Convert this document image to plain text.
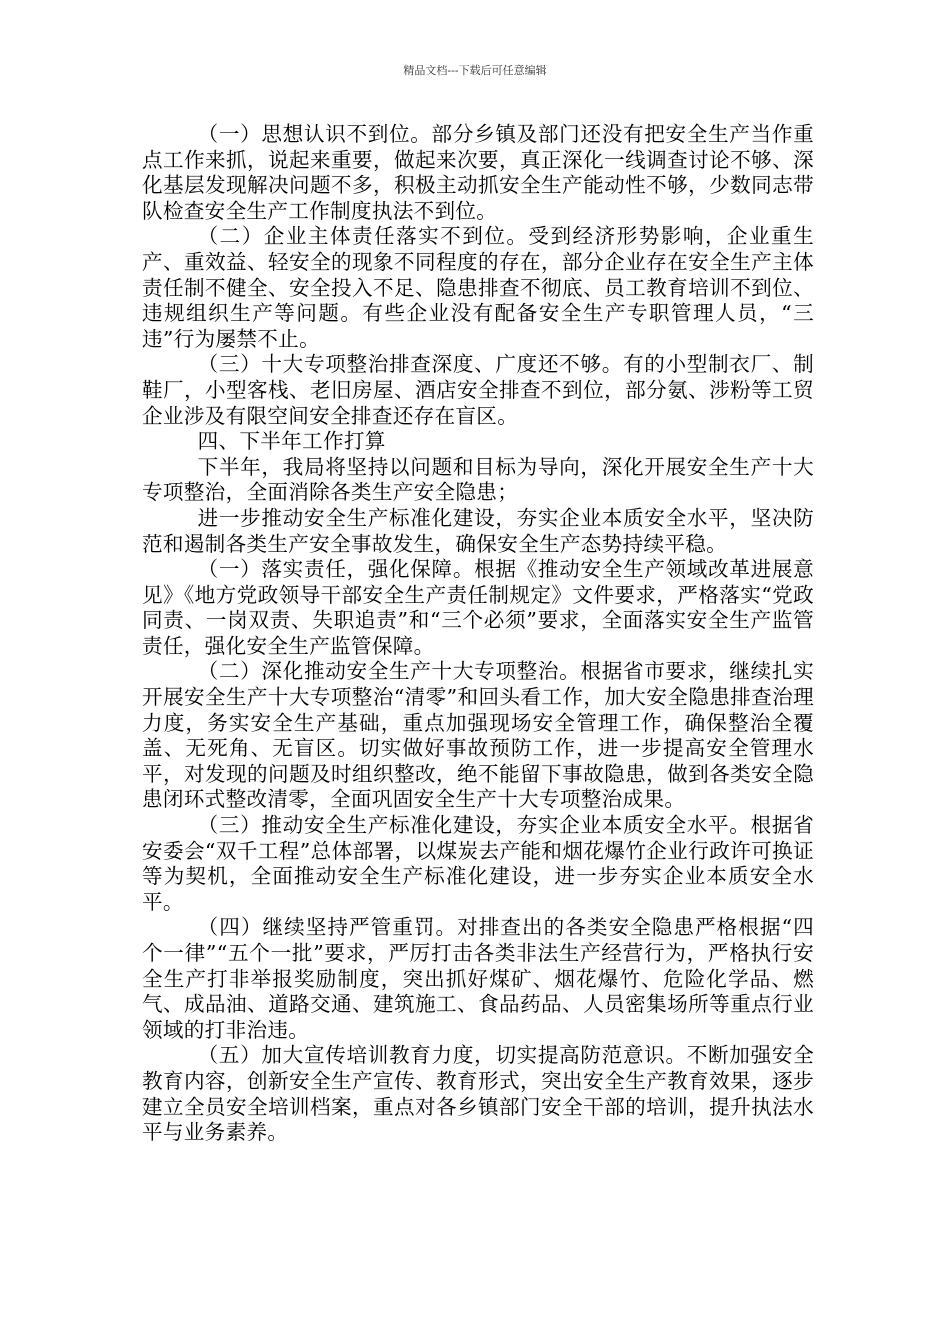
精品文档---下载后可任意编辑

（一）思想认识不到位。部分乡镇及部门还没有把安全生产当作重点工作来抓，说起来重要，做起来次要，真正深化一线调查讨论不够、深化基层发现解决问题不多，积极主动抓安全生产能动性不够，少数同志带队检查安全生产工作制度执法不到位。

（二）企业主体责任落实不到位。受到经济形势影响，企业重生产、重效益、轻安全的现象不同程度的存在，部分企业存在安全生产主体责任制不健全、安全投入不足、隐患排查不彻底、员工教育培训不到位、违规组织生产等问题。有些企业没有配备安全生产专职管理人员，“三违”行为屡禁不止。

（三）十大专项整治排查深度、广度还不够。有的小型制衣厂、制鞋厂，小型客栈、老旧房屋、酒店安全排查不到位，部分氨、涉粉等工贸企业涉及有限空间安全排查还存在盲区。

四、下半年工作打算

下半年，我局将坚持以问题和目标为导向，深化开展安全生产十大专项整治，全面消除各类生产安全隐患；

进一步推动安全生产标准化建设，夯实企业本质安全水平，坚决防范和遏制各类生产安全事故发生，确保安全生产态势持续平稳。

（一）落实责任，强化保障。根据《推动安全生产领域改革进展意见》《地方党政领导干部安全生产责任制规定》文件要求，严格落实“党政同责、一岗双责、失职追责”和“三个必须”要求，全面落实安全生产监管责任，强化安全生产监管保障。

（二）深化推动安全生产十大专项整治。根据省市要求，继续扎实开展安全生产十大专项整治“清零”和回头看工作，加大安全隐患排查治理力度，务实安全生产基础，重点加强现场安全管理工作，确保整治全覆盖、无死角、无盲区。切实做好事故预防工作，进一步提高安全管理水平，对发现的问题及时组织整改，绝不能留下事故隐患，做到各类安全隐患闭环式整改清零，全面巩固安全生产十大专项整治成果。

（三）推动安全生产标准化建设，夯实企业本质安全水平。根据省安委会“双千工程”总体部署，以煤炭去产能和烟花爆竹企业行政许可换证等为契机，全面推动安全生产标准化建设，进一步夯实企业本质安全水平。

（四）继续坚持严管重罚。对排查出的各类安全隐患严格根据“四个一律”“五个一批”要求，严厉打击各类非法生产经营行为，严格执行安全生产打非举报奖励制度，突出抓好煤矿、烟花爆竹、危险化学品、燃气、成品油、道路交通、建筑施工、食品药品、人员密集场所等重点行业领域的打非治违。

（五）加大宣传培训教育力度，切实提高防范意识。不断加强安全教育内容，创新安全生产宣传、教育形式，突出安全生产教育效果，逐步建立全员安全培训档案，重点对各乡镇部门安全干部的培训，提升执法水平与业务素养。
